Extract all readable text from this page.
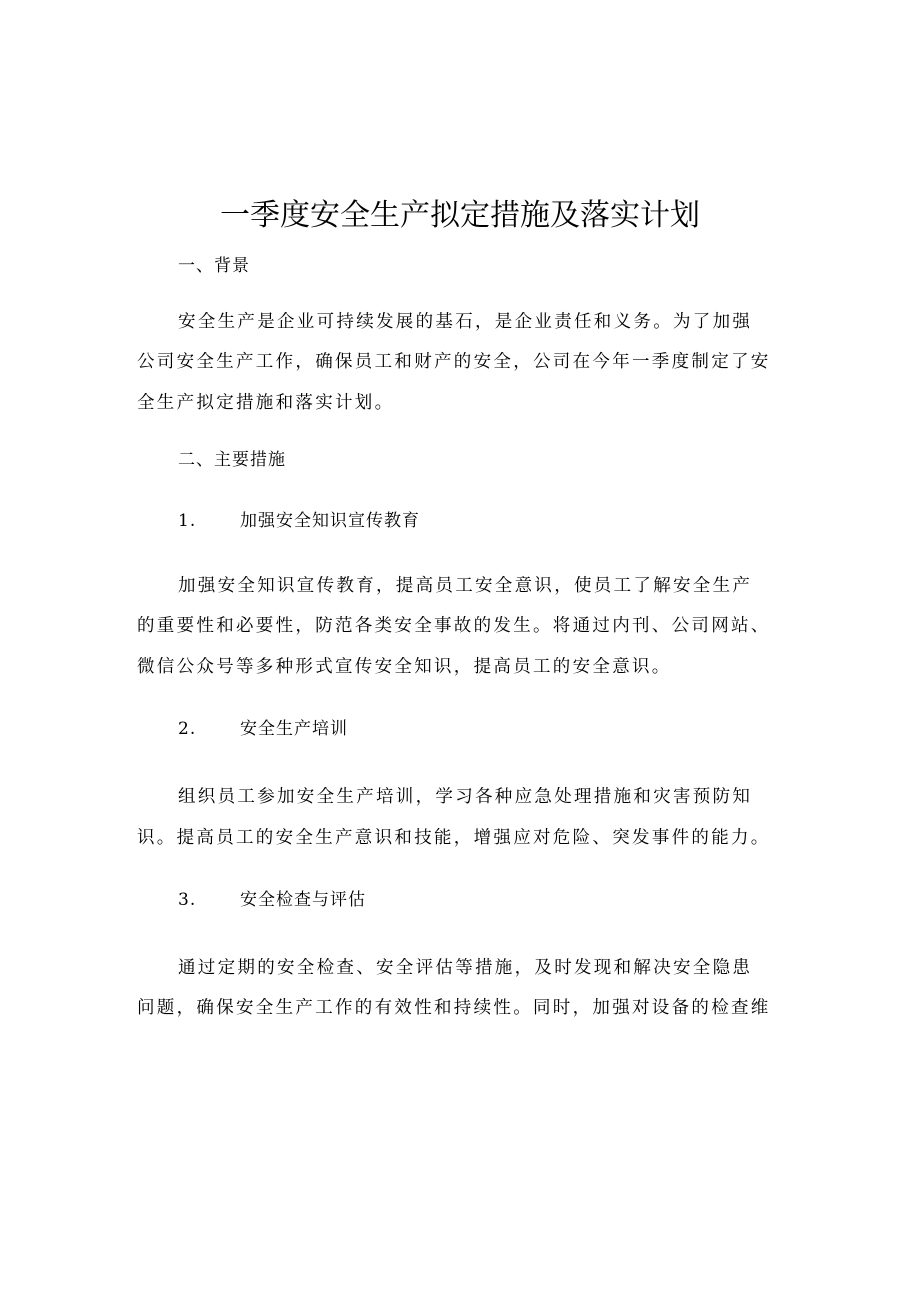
一季度安全生产拟定措施及落实计划
一、背景
安全生产是企业可持续发展的基石，是企业责任和义务。为了加强
公司安全生产工作，确保员工和财产的安全，公司在今年一季度制定了安
全生产拟定措施和落实计划。
二、主要措施
1.	加强安全知识宣传教育
加强安全知识宣传教育，提高员工安全意识，使员工了解安全生产
的重要性和必要性，防范各类安全事故的发生。将通过内刊、公司网站、
微信公众号等多种形式宣传安全知识，提高员工的安全意识。
2.	安全生产培训
组织员工参加安全生产培训，学习各种应急处理措施和灾害预防知
识。提高员工的安全生产意识和技能，增强应对危险、突发事件的能力。
3.	安全检查与评估
通过定期的安全检查、安全评估等措施，及时发现和解决安全隐患
问题，确保安全生产工作的有效性和持续性。同时，加强对设备的检查维
